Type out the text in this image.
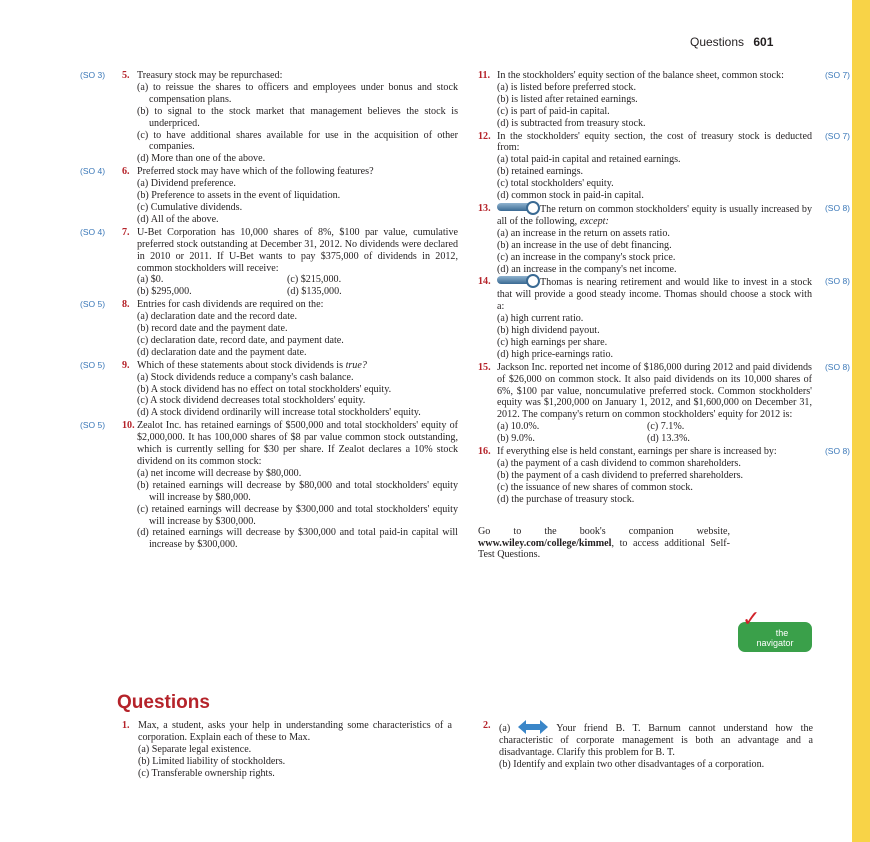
Questions 601
(SO 3) 5. Treasury stock may be repurchased:
(a) to reissue the shares to officers and employees under bonus and stock compensation plans.
(b) to signal to the stock market that management believes the stock is underpriced.
(c) to have additional shares available for use in the acquisition of other companies.
(d) More than one of the above.
(SO 4) 6. Preferred stock may have which of the following features?
(a) Dividend preference.
(b) Preference to assets in the event of liquidation.
(c) Cumulative dividends.
(d) All of the above.
(SO 4) 7. U-Bet Corporation has 10,000 shares of 8%, $100 par value, cumulative preferred stock outstanding at December 31, 2012. No dividends were declared in 2010 or 2011. If U-Bet wants to pay $375,000 of dividends in 2012, common stockholders will receive:
(a) $0.	(c) $215,000.
(b) $295,000.	(d) $135,000.
(SO 5) 8. Entries for cash dividends are required on the:
(a) declaration date and the record date.
(b) record date and the payment date.
(c) declaration date, record date, and payment date.
(d) declaration date and the payment date.
(SO 5) 9. Which of these statements about stock dividends is true?
(a) Stock dividends reduce a company's cash balance.
(b) A stock dividend has no effect on total stockholders' equity.
(c) A stock dividend decreases total stockholders' equity.
(d) A stock dividend ordinarily will increase total stockholders' equity.
(SO 5) 10. Zealot Inc. has retained earnings of $500,000 and total stockholders' equity of $2,000,000. It has 100,000 shares of $8 par value common stock outstanding, which is currently selling for $30 per share. If Zealot declares a 10% stock dividend on its common stock:
(a) net income will decrease by $80,000.
(b) retained earnings will decrease by $80,000 and total stockholders' equity will increase by $80,000.
(c) retained earnings will decrease by $300,000 and total stockholders' equity will increase by $300,000.
(d) retained earnings will decrease by $300,000 and total paid-in capital will increase by $300,000.
(SO 7)
11. In the stockholders' equity section of the balance sheet, common stock:
(a) is listed before preferred stock.
(b) is listed after retained earnings.
(c) is part of paid-in capital.
(d) is subtracted from treasury stock.
(SO 7)
12. In the stockholders' equity section, the cost of treasury stock is deducted from:
(a) total paid-in capital and retained earnings.
(b) retained earnings.
(c) total stockholders' equity.
(d) common stock in paid-in capital.
(SO 8)
13.	The return on common stockholders' equity is usually increased by all of the following, except:
(a) an increase in the return on assets ratio.
(b) an increase in the use of debt financing.
(c) an increase in the company's stock price.
(d) an increase in the company's net income.
(SO 8)
14.	Thomas is nearing retirement and would like to invest in a stock that will provide a good steady income. Thomas should choose a stock with a:
(a) high current ratio.
(b) high dividend payout.
(c) high earnings per share.
(d) high price-earnings ratio.
(SO 8)
15. Jackson Inc. reported net income of $186,000 during 2012 and paid dividends of $26,000 on common stock. It also paid dividends on its 10,000 shares of 6%, $100 par value, noncumulative preferred stock. Common stockholders' equity was $1,200,000 on January 1, 2012, and $1,600,000 on December 31, 2012. The company's return on common stockholders' equity for 2012 is:
(a) 10.0%.	(c) 7.1%.
(b) 9.0%.	(d) 13.3%.
(SO 8)
16. If everything else is held constant, earnings per share is increased by:
(a) the payment of a cash dividend to common shareholders.
(b) the payment of a cash dividend to preferred shareholders.
(c) the issuance of new shares of common stock.
(d) the purchase of treasury stock.
Go to the book's companion website, www.wiley.com/college/kimmel, to access additional Self-Test Questions.
✓
the
navigator
Questions
1. Max, a student, asks your help in understanding some characteristics of a corporation. Explain each of these to Max.
(a) Separate legal existence.
(b) Limited liability of stockholders.
(c) Transferable ownership rights.
2. (a)	Your friend B. T. Barnum cannot understand how the characteristic of corporate management is both an advantage and a disadvantage. Clarify this problem for B. T.
(b) Identify and explain two other disadvantages of a corporation.
